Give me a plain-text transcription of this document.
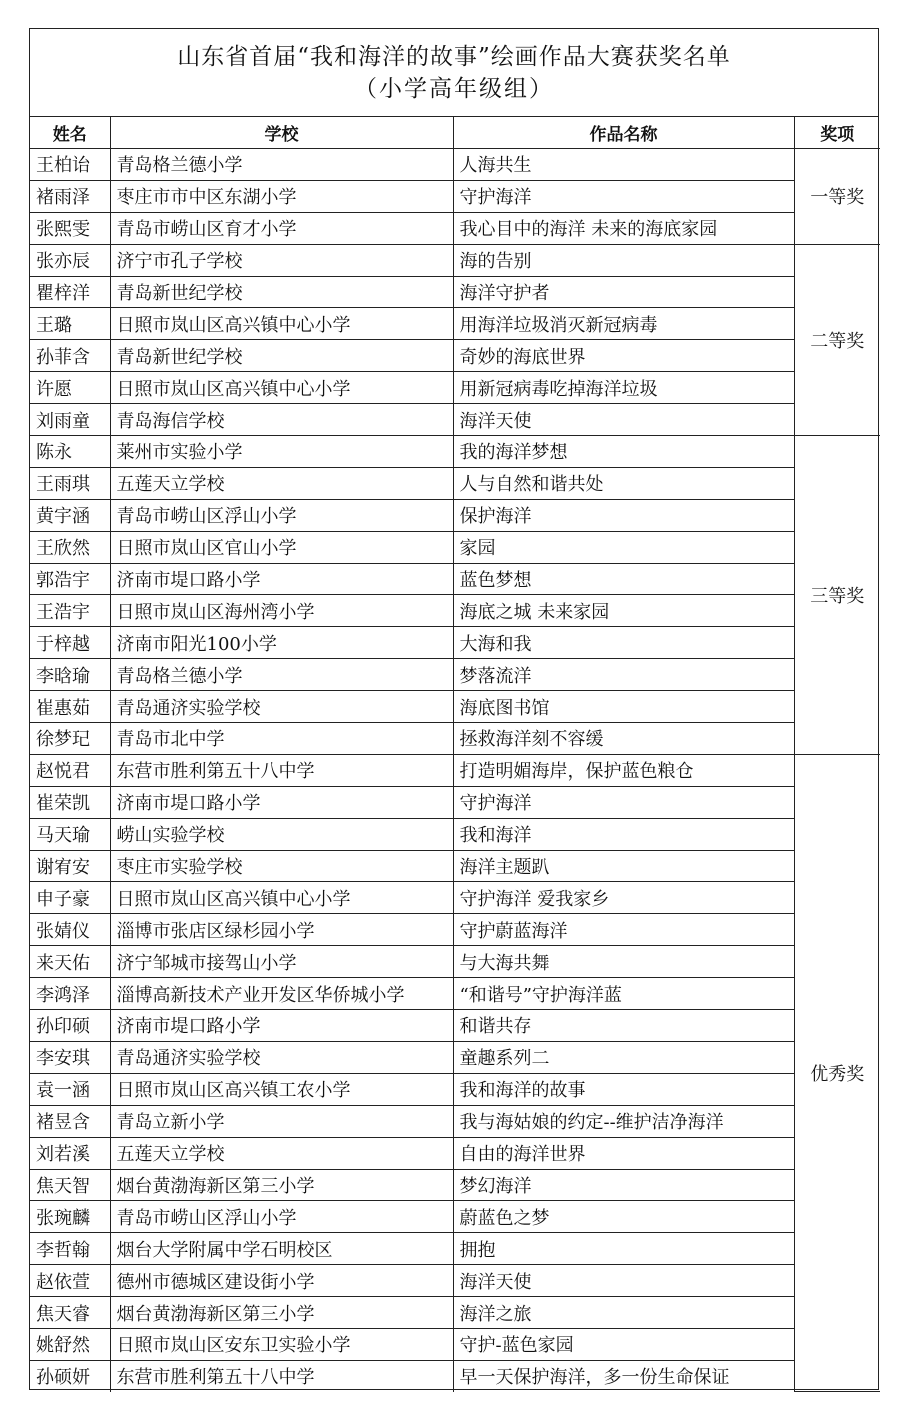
山东省首届“我和海洋的故事”绘画作品大赛获奖名单
（小学高年级组）
姓名	学校	作品名称	奖项
王柏诒	青岛格兰德小学	人海共生	一等奖
褚雨泽	枣庄市市中区东湖小学	守护海洋	
张熙雯	青岛市崂山区育才小学	我心目中的海洋 未来的海底家园	
张亦辰	济宁市孔子学校	海的告别	二等奖
瞿梓洋	青岛新世纪学校	海洋守护者	
王璐	日照市岚山区高兴镇中心小学	用海洋垃圾消灭新冠病毒	
孙菲含	青岛新世纪学校	奇妙的海底世界	
许愿	日照市岚山区高兴镇中心小学	用新冠病毒吃掉海洋垃圾	
刘雨童	青岛海信学校	海洋天使	
陈永	莱州市实验小学	我的海洋梦想	三等奖
王雨琪	五莲天立学校	人与自然和谐共处	
黄宇涵	青岛市崂山区浮山小学	保护海洋	
王欣然	日照市岚山区官山小学	家园	
郭浩宇	济南市堤口路小学	蓝色梦想	
王浩宇	日照市岚山区海州湾小学	海底之城 未来家园	
于梓越	济南市阳光100小学	大海和我	
李晗瑜	青岛格兰德小学	梦落流洋	
崔惠茹	青岛通济实验学校	海底图书馆	
徐梦玘	青岛市北中学	拯救海洋刻不容缓	
赵悦君	东营市胜利第五十八中学	打造明媚海岸，保护蓝色粮仓	优秀奖
崔荣凯	济南市堤口路小学	守护海洋	
马天瑜	崂山实验学校	我和海洋	
谢宥安	枣庄市实验学校	海洋主题趴	
申子豪	日照市岚山区高兴镇中心小学	守护海洋 爱我家乡	
张婧仪	淄博市张店区绿杉园小学	守护蔚蓝海洋	
来天佑	济宁邹城市接驾山小学	与大海共舞	
李鸿泽	淄博高新技术产业开发区华侨城小学	“和谐号”守护海洋蓝	
孙印硕	济南市堤口路小学	和谐共存	
李安琪	青岛通济实验学校	童趣系列二	
袁一涵	日照市岚山区高兴镇工农小学	我和海洋的故事	
褚昱含	青岛立新小学	我与海姑娘的约定--维护洁净海洋	
刘若溪	五莲天立学校	自由的海洋世界	
焦天智	烟台黄渤海新区第三小学	梦幻海洋	
张琬麟	青岛市崂山区浮山小学	蔚蓝色之梦	
李哲翰	烟台大学附属中学石明校区	拥抱	
赵依萱	德州市德城区建设街小学	海洋天使	
焦天睿	烟台黄渤海新区第三小学	海洋之旅	
姚舒然	日照市岚山区安东卫实验小学	守护-蓝色家园	
孙硕妍	东营市胜利第五十八中学	早一天保护海洋，多一份生命保证	
